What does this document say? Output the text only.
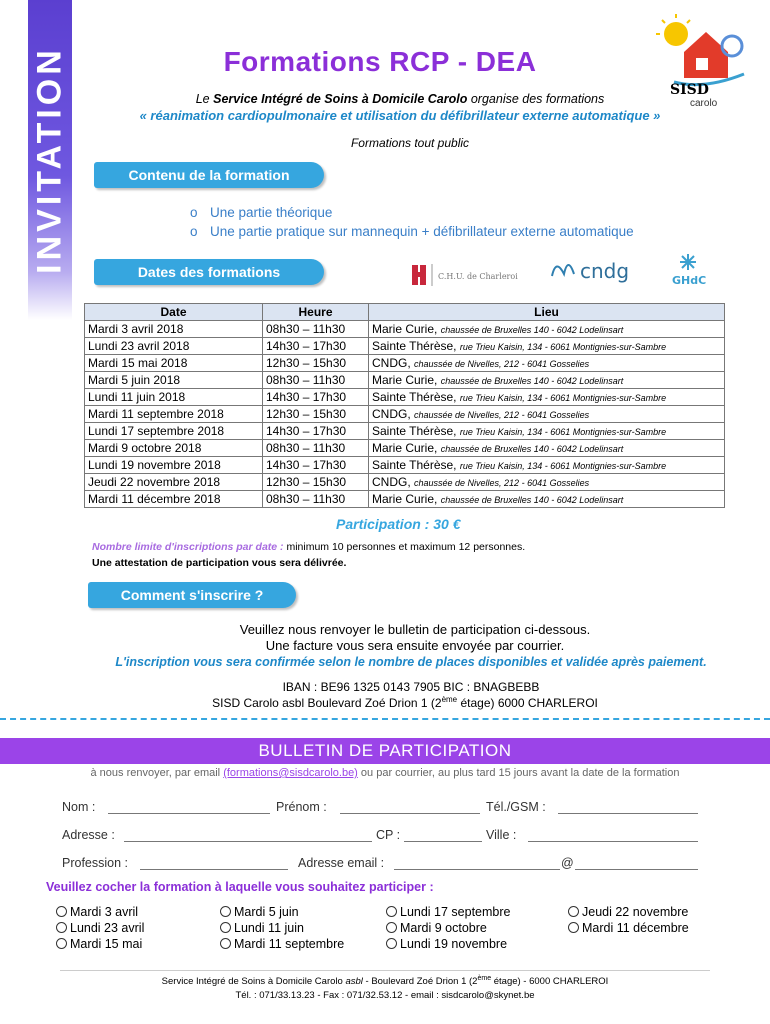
INVITATION	SISD
carolo
Formations RCP - DEA
Le Service Intégré de Soins à Domicile Carolo organise des formations
« réanimation cardiopulmonaire et utilisation du défibrillateur externe automatique »
Formations tout public
Contenu de la formation
o Une partie théorique
o Une partie pratique sur mannequin + défibrillateur externe automatique
Dates des formations	C.H.U. de Charleroi	cndg	GHdC
Date	Heure	Lieu
Mardi 3 avril 2018	08h30 – 11h30	Marie Curie, chaussée de Bruxelles 140 - 6042 Lodelinsart
Lundi 23 avril 2018	14h30 – 17h30	Sainte Thérèse, rue Trieu Kaisin, 134 - 6061 Montignies-sur-Sambre
Mardi 15 mai 2018	12h30 – 15h30	CNDG, chaussée de Nivelles, 212 - 6041 Gosselies
Mardi 5 juin 2018	08h30 – 11h30	Marie Curie, chaussée de Bruxelles 140 - 6042 Lodelinsart
Lundi 11 juin 2018	14h30 – 17h30	Sainte Thérèse, rue Trieu Kaisin, 134 - 6061 Montignies-sur-Sambre
Mardi 11 septembre 2018	12h30 – 15h30	CNDG, chaussée de Nivelles, 212 - 6041 Gosselies
Lundi 17 septembre 2018	14h30 – 17h30	Sainte Thérèse, rue Trieu Kaisin, 134 - 6061 Montignies-sur-Sambre
Mardi 9 octobre 2018	08h30 – 11h30	Marie Curie, chaussée de Bruxelles 140 - 6042 Lodelinsart
Lundi 19 novembre 2018	14h30 – 17h30	Sainte Thérèse, rue Trieu Kaisin, 134 - 6061 Montignies-sur-Sambre
Jeudi 22 novembre 2018	12h30 – 15h30	CNDG, chaussée de Nivelles, 212 - 6041 Gosselies
Mardi 11 décembre 2018	08h30 – 11h30	Marie Curie, chaussée de Bruxelles 140 - 6042 Lodelinsart
Participation : 30 €
Nombre limite d'inscriptions par date : minimum 10 personnes et maximum 12 personnes.
Une attestation de participation vous sera délivrée.
Comment s'inscrire ?
Veuillez nous renvoyer le bulletin de participation ci-dessous.
Une facture vous sera ensuite envoyée par courrier.
L'inscription vous sera confirmée selon le nombre de places disponibles et validée après paiement.
IBAN : BE96 1325 0143 7905 BIC : BNAGBEBB
SISD Carolo asbl Boulevard Zoé Drion 1 (2ème étage) 6000 CHARLEROI
BULLETIN DE PARTICIPATION
à nous renvoyer, par email (formations@sisdcarolo.be) ou par courrier, au plus tard 15 jours avant la date de la formation
Nom :	Prénom :	Tél./GSM :
Adresse :	CP :	Ville :
Profession :	Adresse email :	@
Veuillez cocher la formation à laquelle vous souhaitez participer :
Mardi 3 avril
Lundi 23 avril
Mardi 15 mai
Mardi 5 juin
Lundi 11 juin
Mardi 11 septembre
Lundi 17 septembre
Mardi 9 octobre
Lundi 19 novembre
Jeudi 22 novembre
Mardi 11 décembre
Service Intégré de Soins à Domicile Carolo asbl - Boulevard Zoé Drion 1 (2ème étage) - 6000 CHARLEROI
Tél. : 071/33.13.23 - Fax : 071/32.53.12 - email : sisdcarolo@skynet.be
